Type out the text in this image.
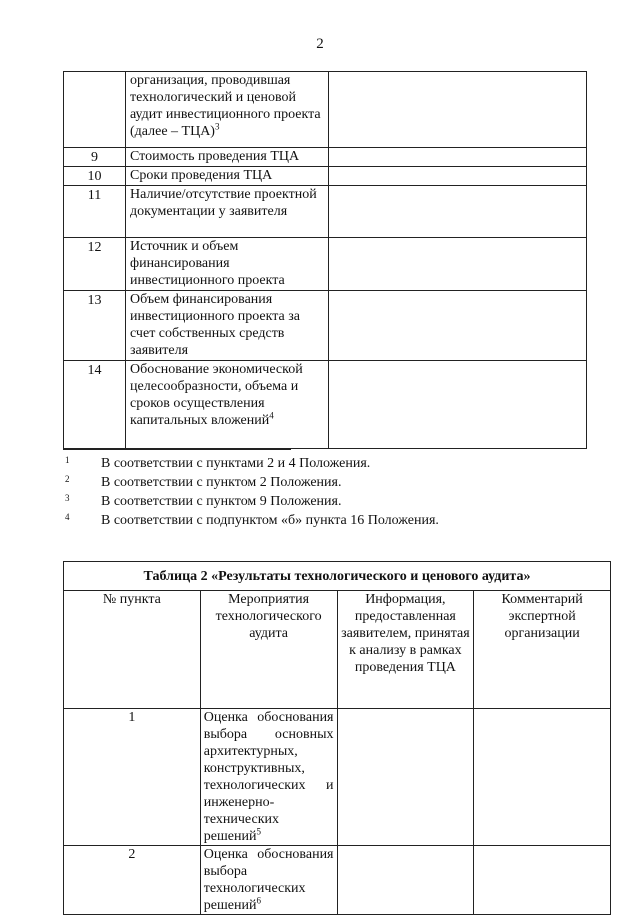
2
	организация, проводившая технологический и ценовой аудит инвестиционного проекта (далее – ТЦА)$^3$	
9	Стоимость проведения ТЦА	
10	Сроки проведения ТЦА	
11	Наличие/отсутствие проектной документации у заявителя	
12	Источник и объем финансирования инвестиционного проекта	
13	Объем финансирования инвестиционного проекта за счет собственных средств заявителя	
14	Обоснование экономической целесообразности, объема и сроков осуществления капитальных вложений$^4$	
1 В соответствии с пунктами 2 и 4 Положения.
2 В соответствии с пунктом 2 Положения.
3 В соответствии с пунктом 9 Положения.
4 В соответствии с подпунктом «б» пункта 16 Положения.
Таблица 2 «Результаты технологического и ценового аудита»			
№ пункта	Мероприятия технологического аудита	Информация, предоставленная заявителем, принятая к анализу в рамках проведения ТЦА	Комментарий экспертной организации
1	Оценка обоснования выбора основных архитектурных, конструктивных, технологических и инженерно-технических решений$^5$		
2	Оценка обоснования выбора технологических решений$^6$		
